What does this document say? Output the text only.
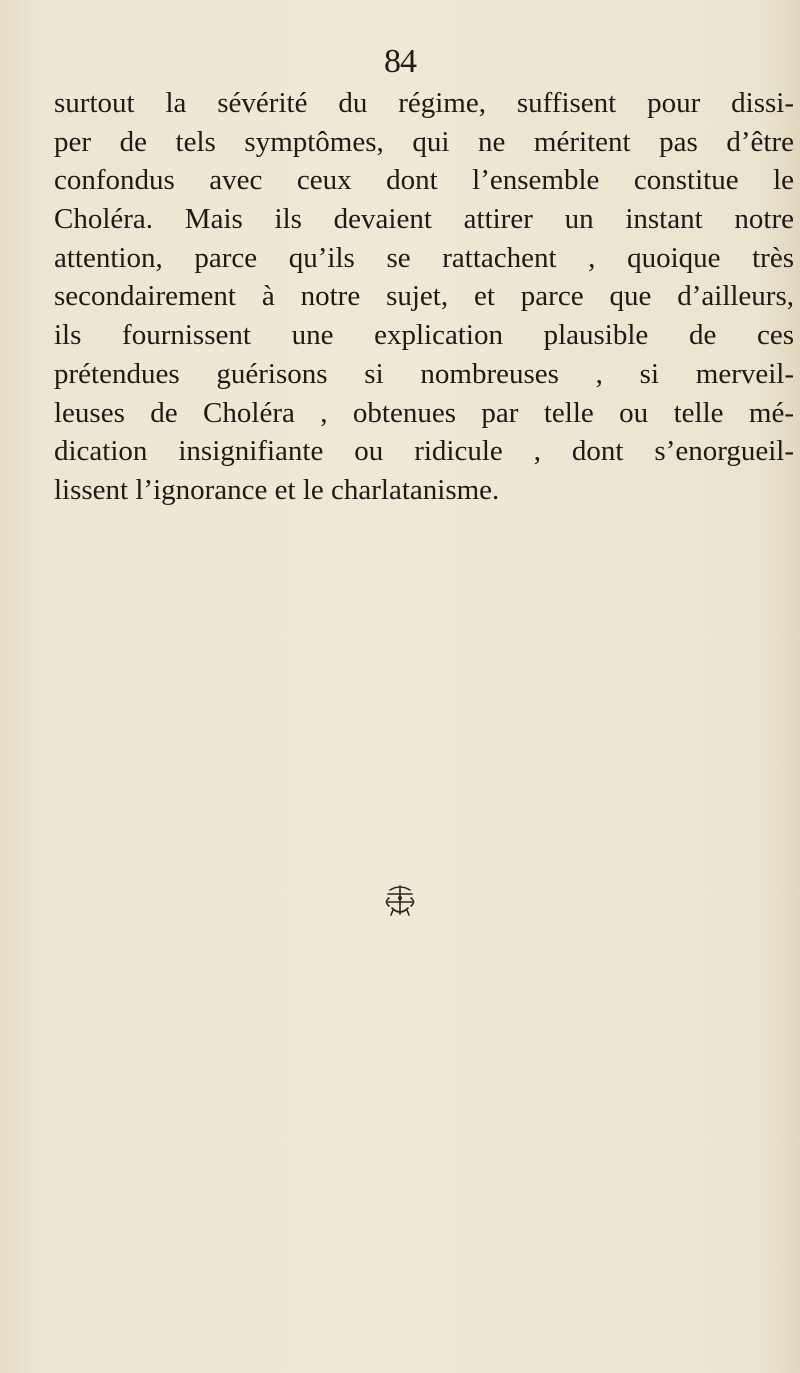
84
surtout la sévérité du régime, suffisent pour dissi-
per de tels symptômes, qui ne méritent pas d’être
confondus avec ceux dont l’ensemble constitue le
Choléra. Mais ils devaient attirer un instant notre
attention, parce qu’ils se rattachent , quoique très
secondairement à notre sujet, et parce que d’ailleurs,
ils fournissent une explication plausible de ces
prétendues guérisons si nombreuses , si merveil-
leuses de Choléra , obtenues par telle ou telle mé-
dication insignifiante ou ridicule , dont s’enorgueil-
lissent l’ignorance et le charlatanisme.
